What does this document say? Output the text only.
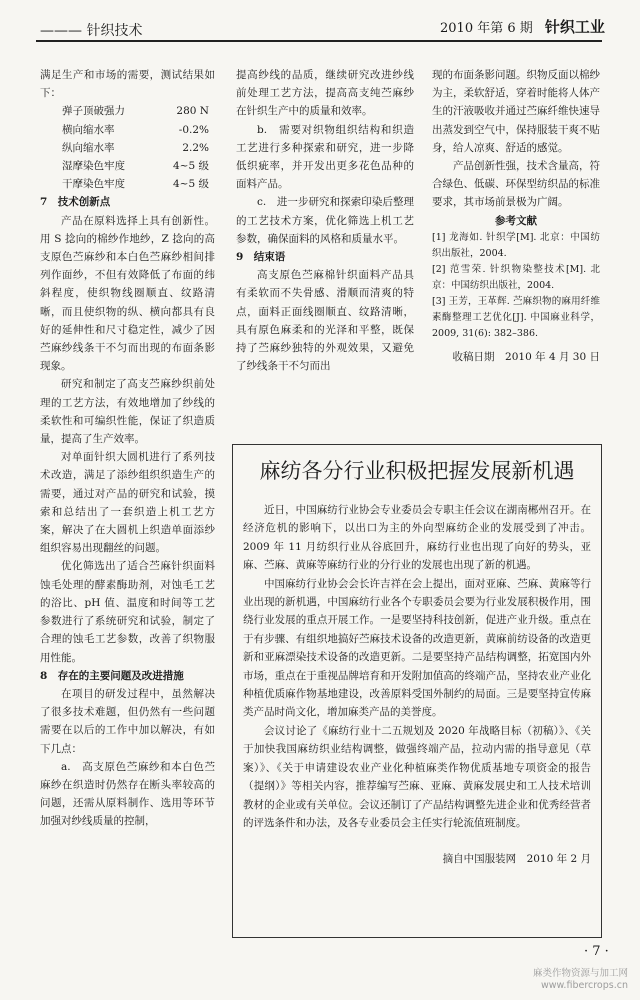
——— 针织技术	2010 年第 6 期 针织工业

满足生产和市场的需要，测试结果如下：

弹子顶破强力	280 N
横向缩水率	-0.2%
纵向缩水率	2.2%
湿摩染色牢度	4~5 级
干摩染色牢度	4~5 级

7　技术创新点

产品在原料选择上具有创新性。用 S 捻向的棉纱作地纱，Z 捻向的高支原色苎麻纱和本白色苎麻纱相间排列作面纱，不但有效降低了布面的纬斜程度，使织物线圈顺直、纹路清晰，而且使织物的纵、横向都具有良好的延伸性和尺寸稳定性，减少了因苎麻纱线条干不匀而出现的布面条影现象。

研究和制定了高支苎麻纱织前处理的工艺方法，有效地增加了纱线的柔软性和可编织性能，保证了织造质量，提高了生产效率。

对单面针织大圆机进行了系列技术改造，满足了添纱组织织造生产的需要，通过对产品的研究和试验，摸索和总结出了一套织造上机工艺方案，解决了在大圆机上织造单面添纱组织容易出现翻丝的问题。

优化筛选出了适合苎麻针织面料蚀毛处理的酵素酶助剂，对蚀毛工艺的浴比、pH 值、温度和时间等工艺参数进行了系统研究和试验，制定了合理的蚀毛工艺参数，改善了织物服用性能。

8　存在的主要问题及改进措施

在项目的研发过程中，虽然解决了很多技术难题，但仍然有一些问题需要在以后的工作中加以解决，有如下几点：

a.　高支原色苎麻纱和本白色苎麻纱在织造时仍然存在断头率较高的问题，还需从原料制作、选用等环节加强对纱线质量的控制，

提高纱线的品质，继续研究改进纱线前处理工艺方法，提高高支纯苎麻纱在针织生产中的质量和效率。

b.　需要对织物组织结构和织造工艺进行多种探索和研究，进一步降低织疵率，并开发出更多花色品种的面料产品。

c.　进一步研究和探索印染后整理的工艺技术方案，优化筛选上机工艺参数，确保面料的风格和质量水平。

9　结束语

高支原色苎麻棉针织面料产品具有柔软而不失骨感、滑顺而清爽的特点，面料正面线圈顺直、纹路清晰，具有原色麻柔和的光泽和平整，既保持了苎麻纱独特的外观效果，又避免了纱线条干不匀而出

现的布面条影问题。织物反面以棉纱为主，柔软舒适，穿着时能将人体产生的汗液吸收并通过苎麻纤维快速导出蒸发到空气中，保持服装干爽不贴身，给人凉爽、舒适的感觉。

产品创新性强，技术含量高，符合绿色、低碳、环保型纺织品的标准要求，其市场前景极为广阔。

参考文献

[1] 龙海如. 针织学[M]. 北京：中国纺织出版社，2004.

[2] 范雪荣. 针织物染整技术[M]. 北京：中国纺织出版社，2004.

[3] 王芳，王革辉. 苎麻织物的麻用纤维素酶整理工艺优化[J]. 中国麻业科学，2009, 31(6): 382–386.

收稿日期　2010 年 4 月 30 日

麻纺各分行业积极把握发展新机遇

近日，中国麻纺行业协会专业委员会专职主任会议在湖南郴州召开。在经济危机的影响下，以出口为主的外向型麻纺企业的发展受到了冲击。2009 年 11 月纺织行业从谷底回升，麻纺行业也出现了向好的势头，亚麻、苎麻、黄麻等麻纺行业的分行业的发展也出现了新的机遇。

中国麻纺行业协会会长许吉祥在会上提出，面对亚麻、苎麻、黄麻等行业出现的新机遇，中国麻纺行业各个专职委员会要为行业发展积极作用，围绕行业发展的重点开展工作。一是要坚持科技创新，促进产业升级。重点在于有步骤、有组织地搞好苎麻技术设备的改造更新，黄麻前纺设备的改造更新和亚麻漂染技术设备的改造更新。二是要坚持产品结构调整，拓宽国内外市场，重点在于重视品牌培育和开发附加值高的终端产品，坚持农业产业化种植优质麻作物基地建设，改善原料受国外制约的局面。三是要坚持宣传麻类产品时尚文化，增加麻类产品的美誉度。

会议讨论了《麻纺行业十二五规划及 2020 年战略目标（初稿）》、《关于加快我国麻纺织业结构调整，做强终端产品，拉动内需的指导意见（草案）》、《关于申请建设农业产业化种植麻类作物优质基地专项资金的报告（提纲）》等相关内容，推荐编写苎麻、亚麻、黄麻发展史和工人技术培训教材的企业或有关单位。会议还制订了产品结构调整先进企业和优秀经营者的评选条件和办法，及各专业委员会主任实行轮流值班制度。

摘自中国服装网　2010 年 2 月

· 7 ·
麻类作物资源与加工网
www.fibercrops.cn
